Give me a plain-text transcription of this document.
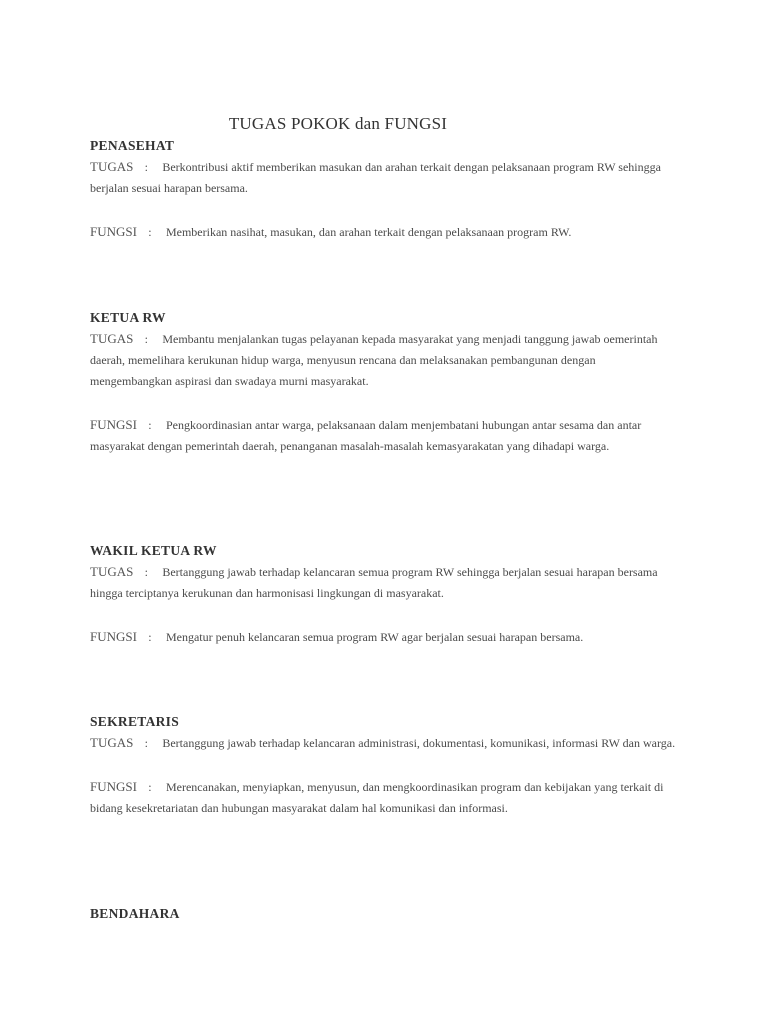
TUGAS POKOK dan FUNGSI
PENASEHAT

TUGAS : Berkontribusi aktif memberikan masukan dan arahan terkait dengan pelaksanaan program RW sehingga berjalan sesuai harapan bersama.

FUNGSI : Memberikan nasihat, masukan, dan arahan terkait dengan pelaksanaan program RW.

KETUA RW

TUGAS : Membantu menjalankan tugas pelayanan kepada masyarakat yang menjadi tanggung jawab oemerintah daerah, memelihara kerukunan hidup warga, menyusun rencana dan melaksanakan pembangunan dengan mengembangkan aspirasi dan swadaya murni masyarakat.

FUNGSI : Pengkoordinasian antar warga, pelaksanaan dalam menjembatani hubungan antar sesama dan antar masyarakat dengan pemerintah daerah, penanganan masalah-masalah kemasyarakatan yang dihadapi warga.

WAKIL KETUA RW

TUGAS : Bertanggung jawab terhadap kelancaran semua program RW sehingga berjalan sesuai harapan bersama hingga terciptanya kerukunan dan harmonisasi lingkungan di masyarakat.

FUNGSI : Mengatur penuh kelancaran semua program RW agar berjalan sesuai harapan bersama.

SEKRETARIS

TUGAS : Bertanggung jawab terhadap kelancaran administrasi, dokumentasi, komunikasi, informasi RW dan warga.

FUNGSI : Merencanakan, menyiapkan, menyusun, dan mengkoordinasikan program dan kebijakan yang terkait di bidang kesekretariatan dan hubungan masyarakat dalam hal komunikasi dan informasi.

BENDAHARA
